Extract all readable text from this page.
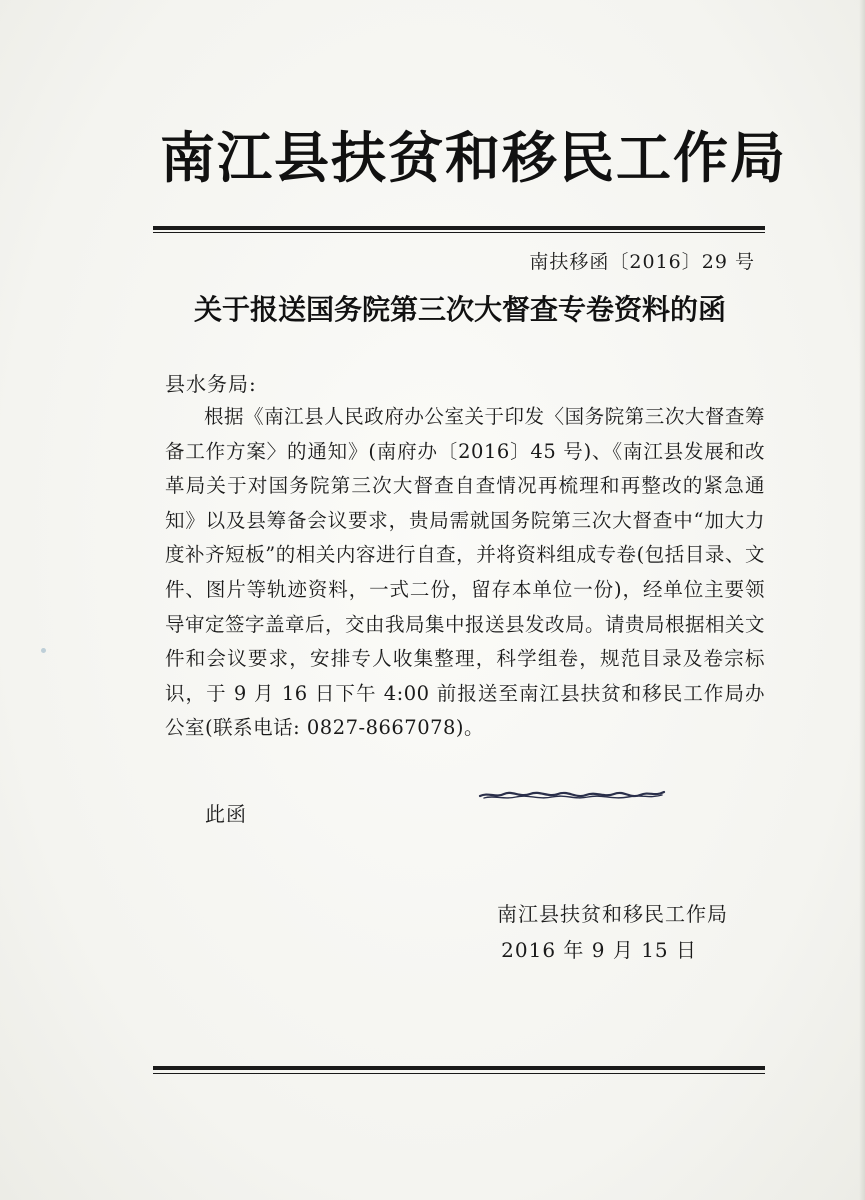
南江县扶贫和移民工作局
南扶移函〔2016〕29 号
关于报送国务院第三次大督查专卷资料的函
县水务局:

根据《南江县人民政府办公室关于印发〈国务院第三次大督查筹备工作方案〉的通知》(南府办〔2016〕45 号)、《南江县发展和改革局关于对国务院第三次大督查自查情况再梳理和再整改的紧急通知》以及县筹备会议要求，贵局需就国务院第三次大督查中“加大力度补齐短板”的相关内容进行自查，并将资料组成专卷(包括目录、文件、图片等轨迹资料，一式二份，留存本单位一份)，经单位主要领导审定签字盖章后，交由我局集中报送县发改局。请贵局根据相关文件和会议要求，安排专人收集整理，科学组卷，规范目录及卷宗标识，于 9 月 16 日下午 4:00 前报送至南江县扶贫和移民工作局办公室(联系电话: 0827-8667078)。

此函
南江县扶贫和移民工作局
2016 年 9 月 15 日
